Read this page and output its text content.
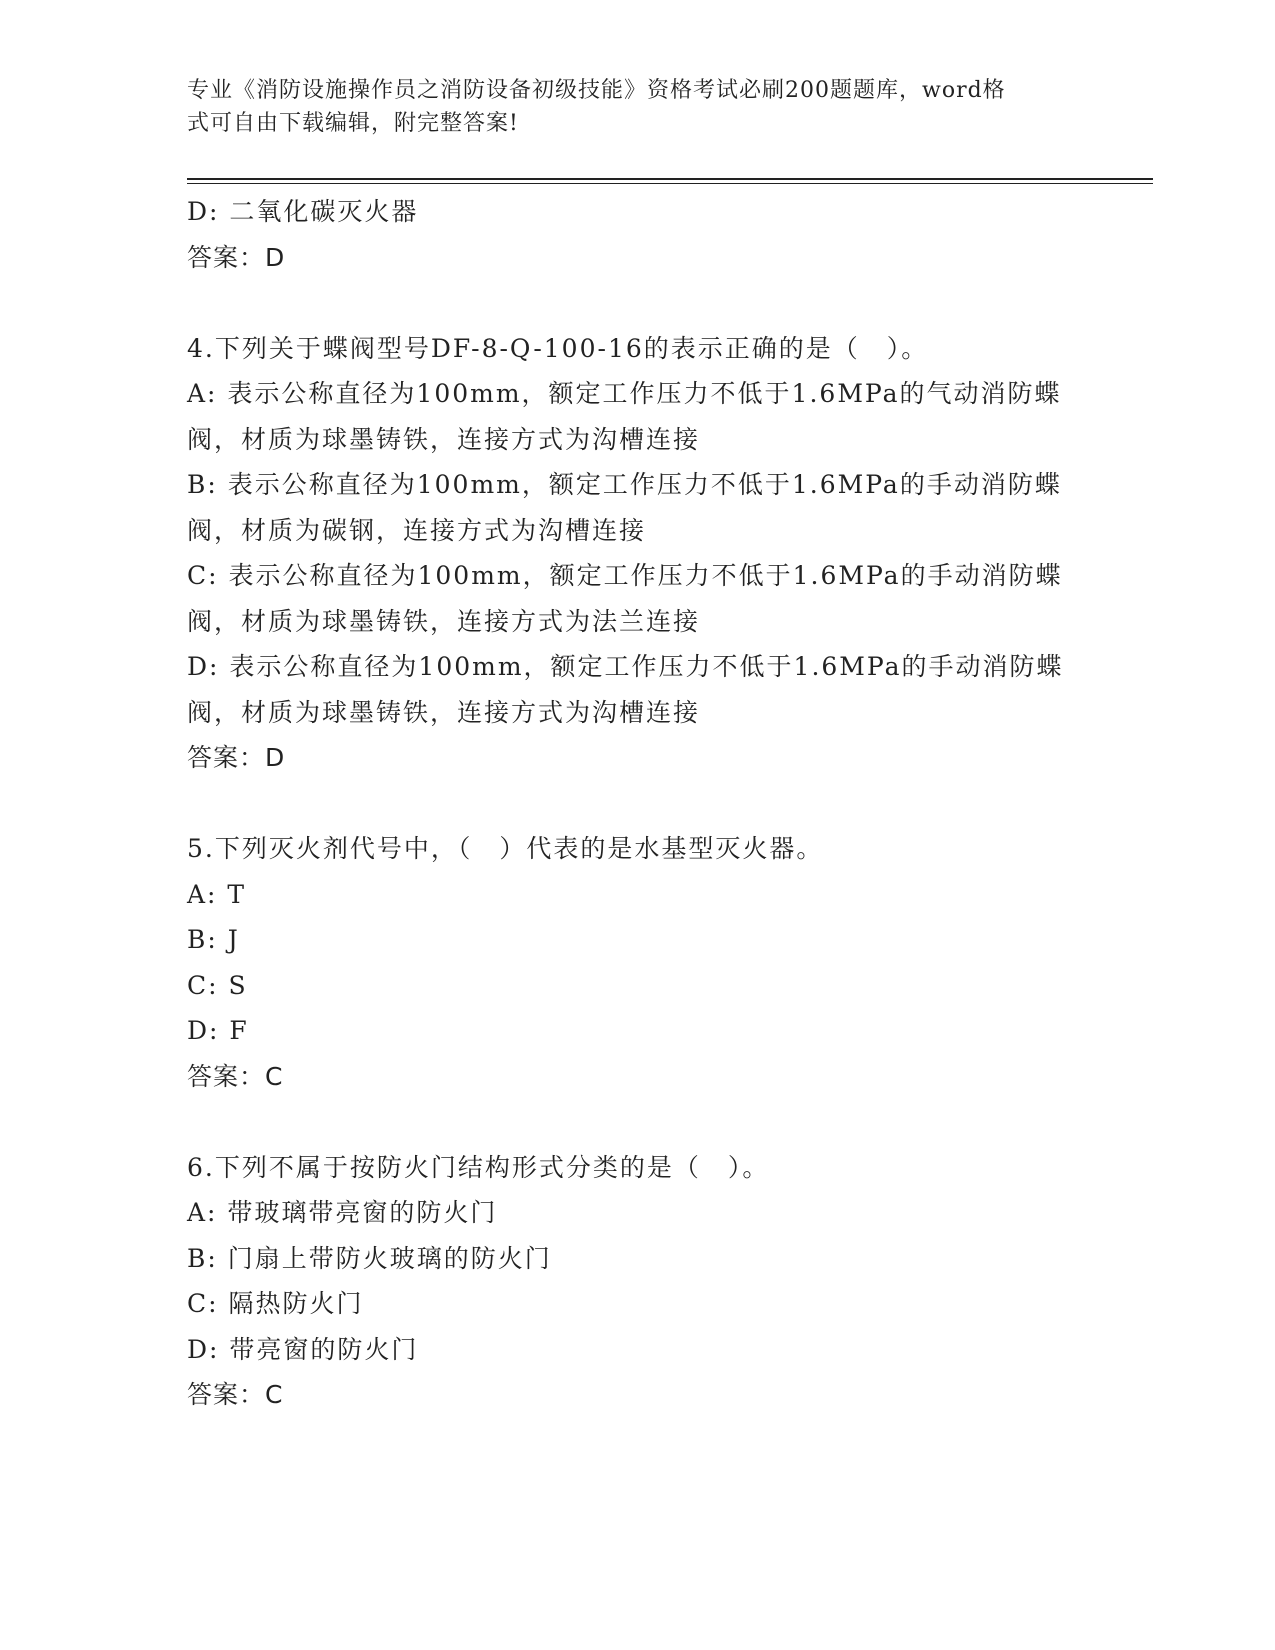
专业《消防设施操作员之消防设备初级技能》资格考试必刷200题题库，word格
式可自由下载编辑，附完整答案!
D: 二氧化碳灭火器
答案：D
4.下列关于蝶阀型号DF-8-Q-100-16的表示正确的是（　）。
A: 表示公称直径为100mm，额定工作压力不低于1.6MPa的气动消防蝶
阀，材质为球墨铸铁，连接方式为沟槽连接
B: 表示公称直径为100mm，额定工作压力不低于1.6MPa的手动消防蝶
阀，材质为碳钢，连接方式为沟槽连接
C: 表示公称直径为100mm，额定工作压力不低于1.6MPa的手动消防蝶
阀，材质为球墨铸铁，连接方式为法兰连接
D: 表示公称直径为100mm，额定工作压力不低于1.6MPa的手动消防蝶
阀，材质为球墨铸铁，连接方式为沟槽连接
答案：D
5.下列灭火剂代号中，（　）代表的是水基型灭火器。
A: T
B: J
C: S
D: F
答案：C
6.下列不属于按防火门结构形式分类的是（　）。
A: 带玻璃带亮窗的防火门
B: 门扇上带防火玻璃的防火门
C: 隔热防火门
D: 带亮窗的防火门
答案：C
